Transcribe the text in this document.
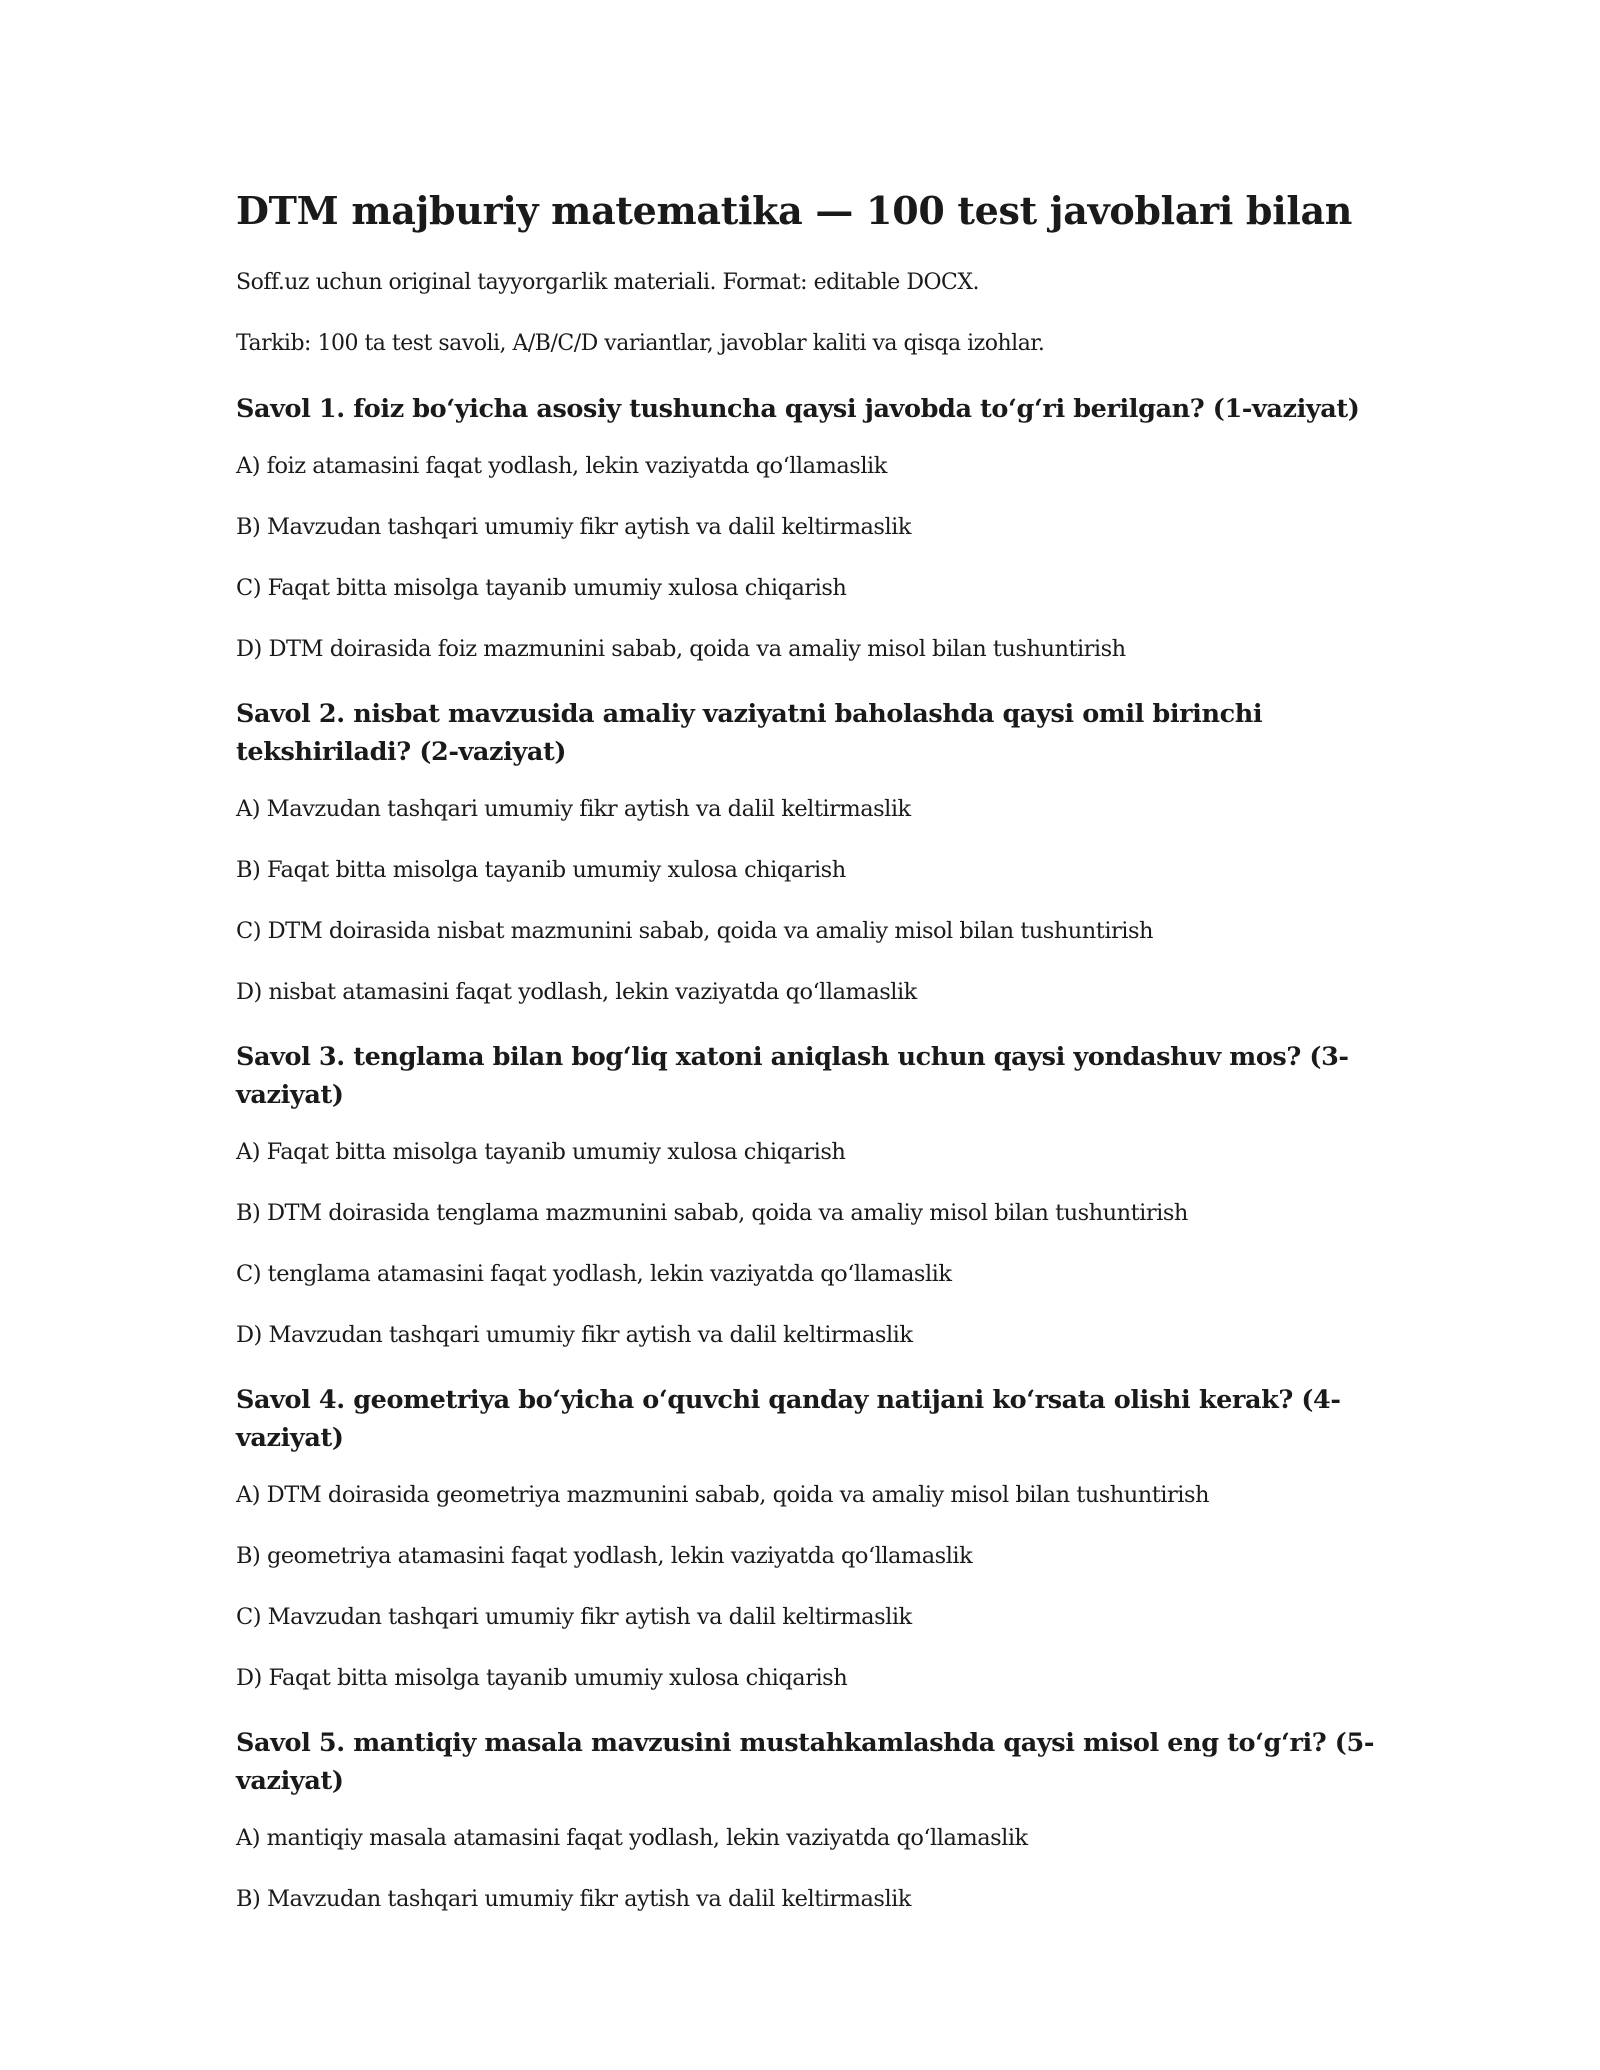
DTM majburiy matematika — 100 test javoblari bilan

Soff.uz uchun original tayyorgarlik materiali. Format: editable DOCX.

Tarkib: 100 ta test savoli, A/B/C/D variantlar, javoblar kaliti va qisqa izohlar.

Savol 1. foiz bo‘yicha asosiy tushuncha qaysi javobda to‘g‘ri berilgan? (1-vaziyat)

A) foiz atamasini faqat yodlash, lekin vaziyatda qo‘llamaslik

B) Mavzudan tashqari umumiy fikr aytish va dalil keltirmaslik

C) Faqat bitta misolga tayanib umumiy xulosa chiqarish

D) DTM doirasida foiz mazmunini sabab, qoida va amaliy misol bilan tushuntirish

Savol 2. nisbat mavzusida amaliy vaziyatni baholashda qaysi omil birinchi tekshiriladi? (2-vaziyat)

A) Mavzudan tashqari umumiy fikr aytish va dalil keltirmaslik

B) Faqat bitta misolga tayanib umumiy xulosa chiqarish

C) DTM doirasida nisbat mazmunini sabab, qoida va amaliy misol bilan tushuntirish

D) nisbat atamasini faqat yodlash, lekin vaziyatda qo‘llamaslik

Savol 3. tenglama bilan bog‘liq xatoni aniqlash uchun qaysi yondashuv mos? (3-vaziyat)

A) Faqat bitta misolga tayanib umumiy xulosa chiqarish

B) DTM doirasida tenglama mazmunini sabab, qoida va amaliy misol bilan tushuntirish

C) tenglama atamasini faqat yodlash, lekin vaziyatda qo‘llamaslik

D) Mavzudan tashqari umumiy fikr aytish va dalil keltirmaslik

Savol 4. geometriya bo‘yicha o‘quvchi qanday natijani ko‘rsata olishi kerak? (4-vaziyat)

A) DTM doirasida geometriya mazmunini sabab, qoida va amaliy misol bilan tushuntirish

B) geometriya atamasini faqat yodlash, lekin vaziyatda qo‘llamaslik

C) Mavzudan tashqari umumiy fikr aytish va dalil keltirmaslik

D) Faqat bitta misolga tayanib umumiy xulosa chiqarish

Savol 5. mantiqiy masala mavzusini mustahkamlashda qaysi misol eng to‘g‘ri? (5-vaziyat)

A) mantiqiy masala atamasini faqat yodlash, lekin vaziyatda qo‘llamaslik

B) Mavzudan tashqari umumiy fikr aytish va dalil keltirmaslik
